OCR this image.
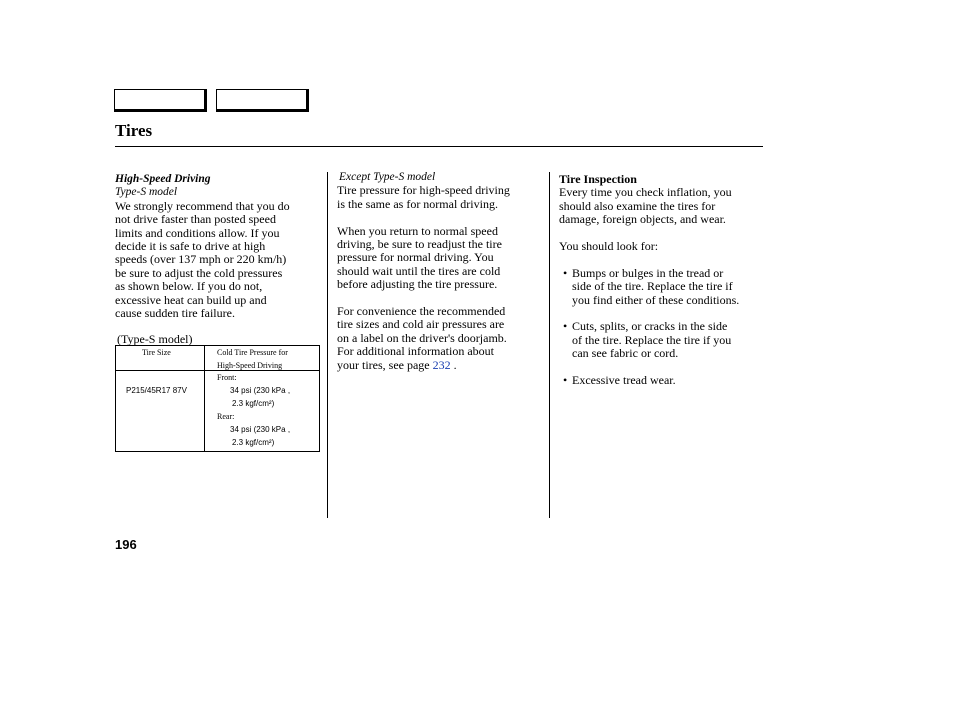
Tires
High-Speed Driving
Type-S model
We strongly recommend that you do
not drive faster than posted speed
limits and conditions allow. If you
decide it is safe to drive at high
speeds (over 137 mph or 220 km/h)
be sure to adjust the cold pressures
as shown below. If you do not,
excessive heat can build up and
cause sudden tire failure.
(Type-S model)
Tire Size	Cold Tire Pressure for
High-Speed Driving
P215/45R17 87V
Front:
34 psi (230 kPa ,
2.3 kgf/cm²)
Rear:
34 psi (230 kPa ,
2.3 kgf/cm²)
Except Type-S model
Tire pressure for high-speed driving
is the same as for normal driving.
When you return to normal speed
driving, be sure to readjust the tire
pressure for normal driving. You
should wait until the tires are cold
before adjusting the tire pressure.
For convenience the recommended
tire sizes and cold air pressures are
on a label on the driver's doorjamb.
For additional information about
your tires, see page 232 .
Tire Inspection
Every time you check inflation, you
should also examine the tires for
damage, foreign objects, and wear.
You should look for:
• Bumps or bulges in the tread or
side of the tire. Replace the tire if
you find either of these conditions.
• Cuts, splits, or cracks in the side
of the tire. Replace the tire if you
can see fabric or cord.
• Excessive tread wear.
196
